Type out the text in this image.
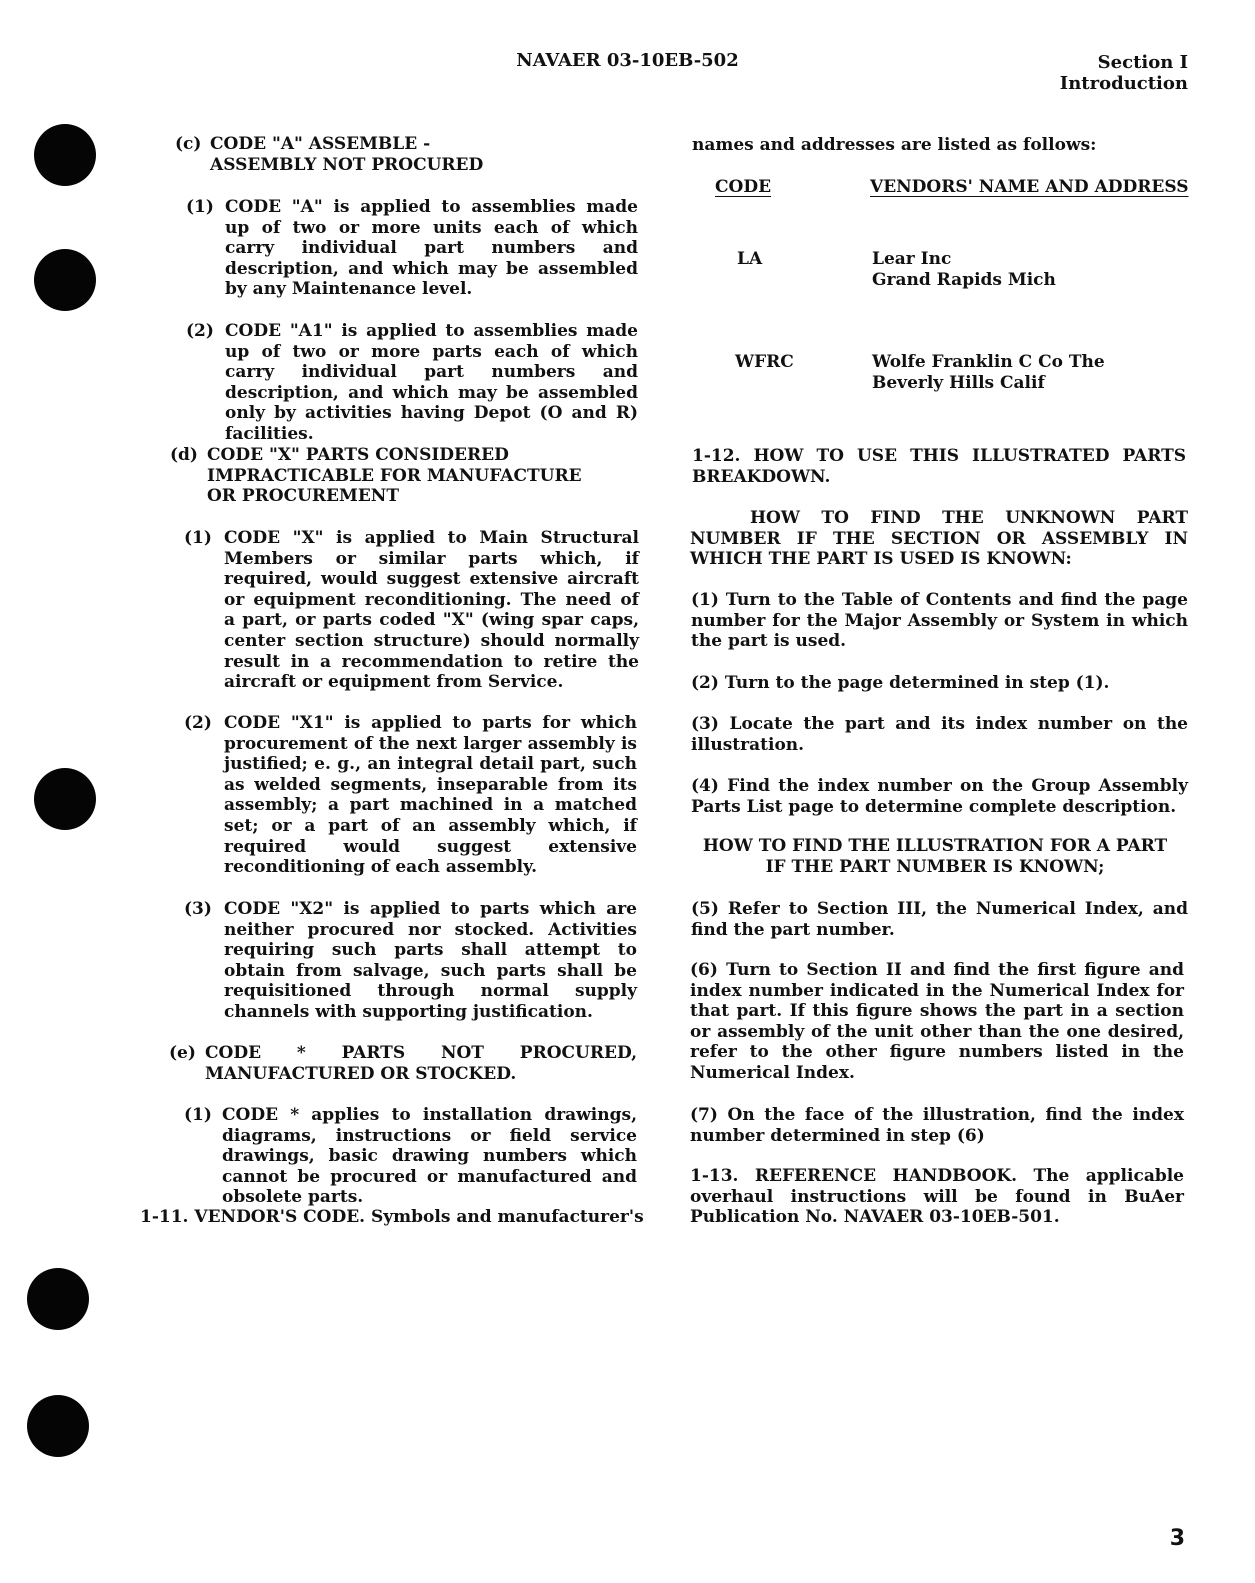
NAVAER 03-10EB-502	Section I
Introduction
(c) CODE "A" ASSEMBLE -
ASSEMBLY NOT PROCURED
(1) CODE "A" is applied to assemblies made up of two or more units each of which carry individual part numbers and description, and which may be assembled by any Maintenance level.
(2) CODE "A1" is applied to assemblies made up of two or more parts each of which carry individual part numbers and description, and which may be assembled only by activities having Depot (O and R) facilities.
(d) CODE "X" PARTS CONSIDERED
IMPRACTICABLE FOR MANUFACTURE
OR PROCUREMENT
(1) CODE "X" is applied to Main Structural Members or similar parts which, if required, would suggest extensive aircraft or equipment reconditioning. The need of a part, or parts coded "X" (wing spar caps, center section structure) should normally result in a recommendation to retire the aircraft or equipment from Service.
(2) CODE "X1" is applied to parts for which procurement of the next larger assembly is justified; e. g., an integral detail part, such as welded segments, inseparable from its assembly; a part machined in a matched set; or a part of an assembly which, if required would suggest extensive reconditioning of each assembly.
(3) CODE "X2" is applied to parts which are neither procured nor stocked. Activities requiring such parts shall attempt to obtain from salvage, such parts shall be requisitioned through normal supply channels with supporting justification.
(e) CODE * PARTS NOT PROCURED, MANUFACTURED OR STOCKED.
(1) CODE * applies to installation drawings, diagrams, instructions or field service drawings, basic drawing numbers which cannot be procured or manufactured and obsolete parts.
1-11. VENDOR'S CODE. Symbols and manufacturer's
names and addresses are listed as follows:
CODE	VENDORS' NAME AND ADDRESS
LA	Lear Inc
Grand Rapids Mich
WFRC	Wolfe Franklin C Co The
Beverly Hills Calif
1-12. HOW TO USE THIS ILLUSTRATED PARTS BREAKDOWN.
HOW TO FIND THE UNKNOWN PART NUMBER IF THE SECTION OR ASSEMBLY IN WHICH THE PART IS USED IS KNOWN:
(1) Turn to the Table of Contents and find the page number for the Major Assembly or System in which the part is used.
(2) Turn to the page determined in step (1).
(3) Locate the part and its index number on the illustration.
(4) Find the index number on the Group Assembly Parts List page to determine complete description.
HOW TO FIND THE ILLUSTRATION FOR A PART
IF THE PART NUMBER IS KNOWN;
(5) Refer to Section III, the Numerical Index, and find the part number.
(6) Turn to Section II and find the first figure and index number indicated in the Numerical Index for that part. If this figure shows the part in a section or assembly of the unit other than the one desired, refer to the other figure numbers listed in the Numerical Index.
(7) On the face of the illustration, find the index number determined in step (6)
1-13. REFERENCE HANDBOOK. The applicable overhaul instructions will be found in BuAer Publication No. NAVAER 03-10EB-501.
3
